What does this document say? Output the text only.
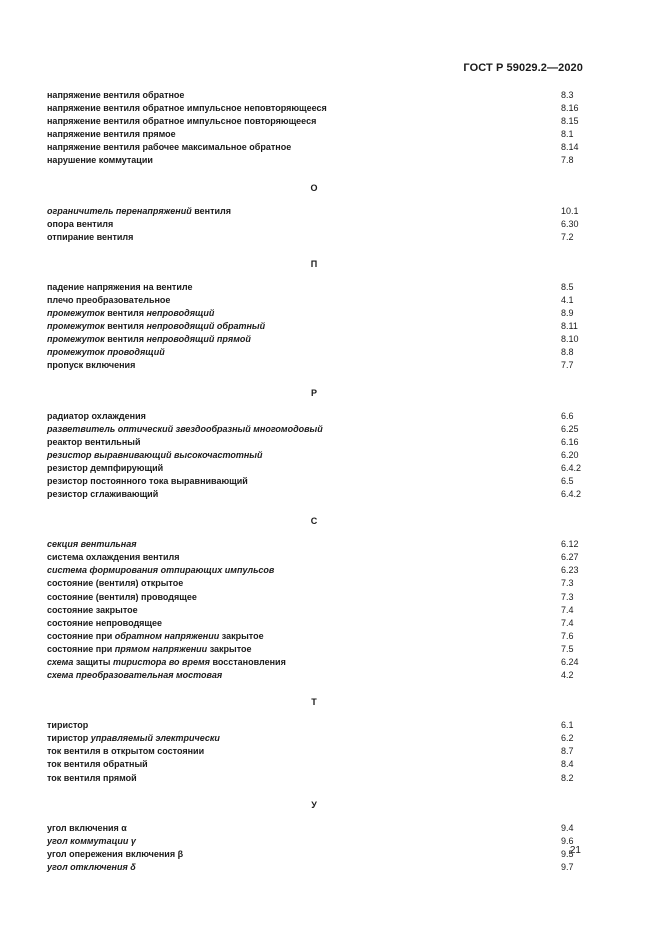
ГОСТ Р 59029.2—2020
напряжение вентиля обратное	8.3
напряжение вентиля обратное импульсное неповторяющееся	8.16
напряжение вентиля обратное импульсное повторяющееся	8.15
напряжение вентиля прямое	8.1
напряжение вентиля рабочее максимальное обратное	8.14
нарушение коммутации	7.8
О
ограничитель перенапряжений вентиля	10.1
опора вентиля	6.30
отпирание вентиля	7.2
П
падение напряжения на вентиле	8.5
плечо преобразовательное	4.1
промежуток вентиля непроводящий	8.9
промежуток вентиля непроводящий обратный	8.11
промежуток вентиля непроводящий прямой	8.10
промежуток проводящий	8.8
пропуск включения	7.7
Р
радиатор охлаждения	6.6
разветвитель оптический звездообразный многомодовый	6.25
реактор вентильный	6.16
резистор выравнивающий высокочастотный	6.20
резистор демпфирующий	6.4.2
резистор постоянного тока выравнивающий	6.5
резистор сглаживающий	6.4.2
С
секция вентильная	6.12
система охлаждения вентиля	6.27
система формирования отпирающих импульсов	6.23
состояние (вентиля) открытое	7.3
состояние (вентиля) проводящее	7.3
состояние закрытое	7.4
состояние непроводящее	7.4
состояние при обратном напряжении закрытое	7.6
состояние при прямом напряжении закрытое	7.5
схема защиты тиристора во время восстановления	6.24
схема преобразовательная мостовая	4.2
Т
тиристор	6.1
тиристор управляемый электрически	6.2
ток вентиля в открытом состоянии	8.7
ток вентиля обратный	8.4
ток вентиля прямой	8.2
У
угол включения α	9.4
угол коммутации γ	9.6
угол опережения включения β	9.5
угол отключения δ	9.7
21
